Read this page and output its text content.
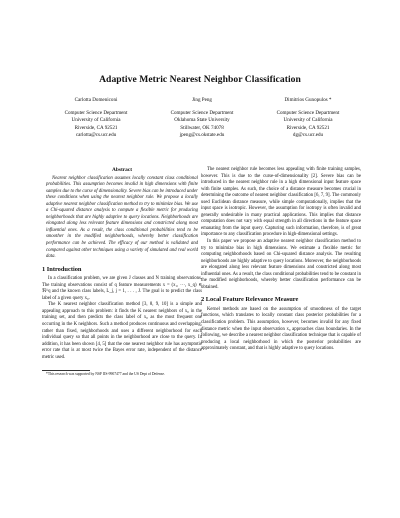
Adaptive Metric Nearest Neighbor Classification
Carlotta Domeniconi
Computer Science Department
University of California
Riverside, CA 92521
carlotta@cs.ucr.edu
Jing Peng
Computer Science Department
Oklahoma State University
Stillwater, OK 74078
jpeng@cs.okstate.edu
Dimitrios Gunopulos *
Computer Science Department
University of California
Riverside, CA 92521
dg@cs.ucr.edu
Abstract

Nearest neighbor classification assumes locally constant class conditional probabilities. This assumption becomes invalid in high dimensions with finite samples due to the curse of dimensionality. Severe bias can be introduced under these conditions when using the nearest neighbor rule. We propose a locally adaptive nearest neighbor classification method to try to minimize bias. We use a Chi-squared distance analysis to compute a flexible metric for producing neighborhoods that are highly adaptive to query locations. Neighborhoods are elongated along less relevant feature dimensions and constricted along most influential ones. As a result, the class conditional probabilities tend to be smoother in the modified neighborhoods, whereby better classification performance can be achieved. The efficacy of our method is validated and compared against other techniques using a variety of simulated and real world data.

1 Introduction

In a classification problem, we are given J classes and N training observations. The training observations consist of q feature measurements x = (x₁, ···, x_q) ∈ ℜ^q and the known class labels, L_j, j = 1, . . . , J. The goal is to predict the class label of a given query x₀.

The K nearest neighbor classification method [3, 8, 9, 10] is a simple and appealing approach to this problem: it finds the K nearest neighbors of x₀ in the training set, and then predicts the class label of x₀ as the most frequent one occurring in the K neighbors. Such a method produces continuous and overlapping, rather than fixed, neighborhoods and uses a different neighborhood for each individual query so that all points in the neighborhood are close to the query. In addition, it has been shown [4, 5] that the one nearest neighbor rule has asymptotic error rate that is at most twice the Bayes error rate, independent of the distance metric used.

*This research was supported by NSF IIS-9907477 and the US Dept of Defense.

The nearest neighbor rule becomes less appealing with finite training samples, however. This is due to the curse-of-dimensionality [2]. Severe bias can be introduced in the nearest neighbor rule in a high dimensional input feature space with finite samples. As such, the choice of a distance measure becomes crucial in determining the outcome of nearest neighbor classification [6, 7, 9]. The commonly used Euclidean distance measure, while simple computationally, implies that the input space is isotropic. However, the assumption for isotropy is often invalid and generally undesirable in many practical applications. This implies that distance computation does not vary with equal strength in all directions in the feature space emanating from the input query. Capturing such information, therefore, is of great importance to any classification procedure in high-dimensional settings.

In this paper we propose an adaptive nearest neighbor classification method to try to minimize bias in high dimensions. We estimate a flexible metric for computing neighborhoods based on Chi-squared distance analysis. The resulting neighborhoods are highly adaptive to query locations. Moreover, the neighborhoods are elongated along less relevant feature dimensions and constricted along most influential ones. As a result, the class conditional probabilities tend to be constant in the modified neighborhoods, whereby better classification performance can be obtained.

2 Local Feature Relevance Measure

Kernel methods are based on the assumption of smoothness of the target functions, which translates to locally constant class posterior probabilities for a classification problem. This assumption, however, becomes invalid for any fixed distance metric when the input observation x₀ approaches class boundaries. In the following, we describe a nearest neighbor classification technique that is capable of producing a local neighborhood in which the posterior probabilities are approximately constant, and that is highly adaptive to query locations.
